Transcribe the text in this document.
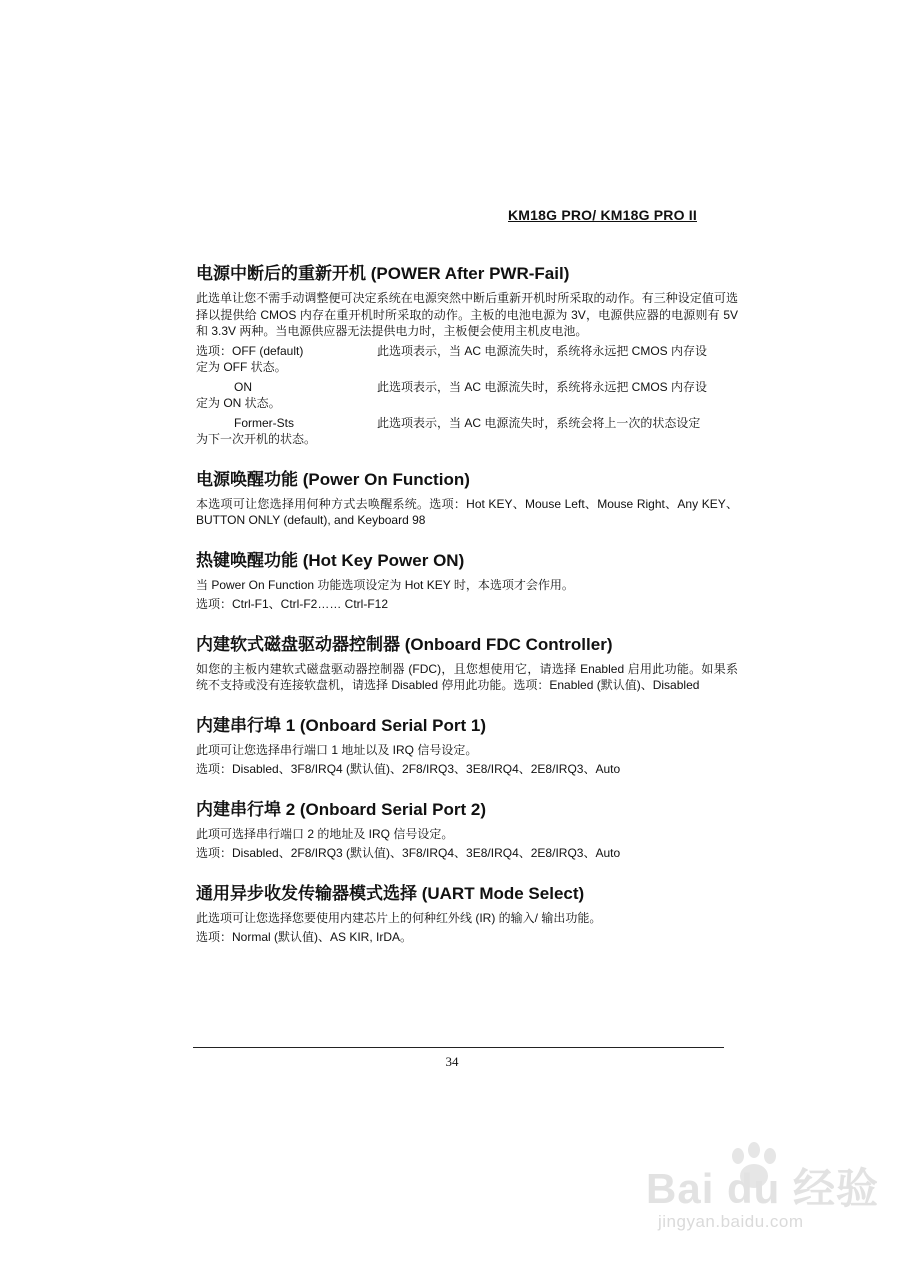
KM18G PRO/ KM18G PRO II
电源中断后的重新开机 (POWER After PWR-Fail)
此选单让您不需手动调整便可决定系统在电源突然中断后重新开机时所采取的动作。有三种设定值可选择以提供给 CMOS 内存在重开机时所采取的动作。主板的电池电源为 3V，电源供应器的电源则有 5V 和 3.3V 两种。当电源供应器无法提供电力时，主板便会使用主机皮电池。
选项：OFF (default)	此选项表示，当 AC 电源流失时，系统将永远把 CMOS 内存设
定为 OFF 状态。
ON	此选项表示，当 AC 电源流失时，系统将永远把 CMOS 内存设
定为 ON 状态。
Former-Sts	此选项表示，当 AC 电源流失时，系统会将上一次的状态设定
为下一次开机的状态。
电源唤醒功能 (Power On Function)
本选项可让您选择用何种方式去唤醒系统。选项：Hot KEY、Mouse Left、Mouse Right、Any KEY、BUTTON ONLY (default), and Keyboard 98
热键唤醒功能 (Hot Key Power ON)
当 Power On Function 功能选项设定为 Hot KEY 时，本选项才会作用。
选项：Ctrl-F1、Ctrl-F2…… Ctrl-F12
内建软式磁盘驱动器控制器 (Onboard FDC Controller)
如您的主板内建软式磁盘驱动器控制器 (FDC)，且您想使用它，请选择 Enabled 启用此功能。如果系统不支持或没有连接软盘机，请选择 Disabled 停用此功能。选项：Enabled (默认值)、Disabled
内建串行埠 1 (Onboard Serial Port 1)
此项可让您选择串行端口 1 地址以及 IRQ 信号设定。
选项：Disabled、3F8/IRQ4 (默认值)、2F8/IRQ3、3E8/IRQ4、2E8/IRQ3、Auto
内建串行埠 2 (Onboard Serial Port 2)
此项可选择串行端口 2 的地址及 IRQ 信号设定。
选项：Disabled、2F8/IRQ3 (默认值)、3F8/IRQ4、3E8/IRQ4、2E8/IRQ3、Auto
通用异步收发传输器模式选择 (UART Mode Select)
此选项可让您选择您要使用内建芯片上的何种红外线 (IR) 的输入/ 输出功能。
选项：Normal (默认值)、AS KIR, IrDA。
34
Bai du 经验
jingyan.baidu.com
